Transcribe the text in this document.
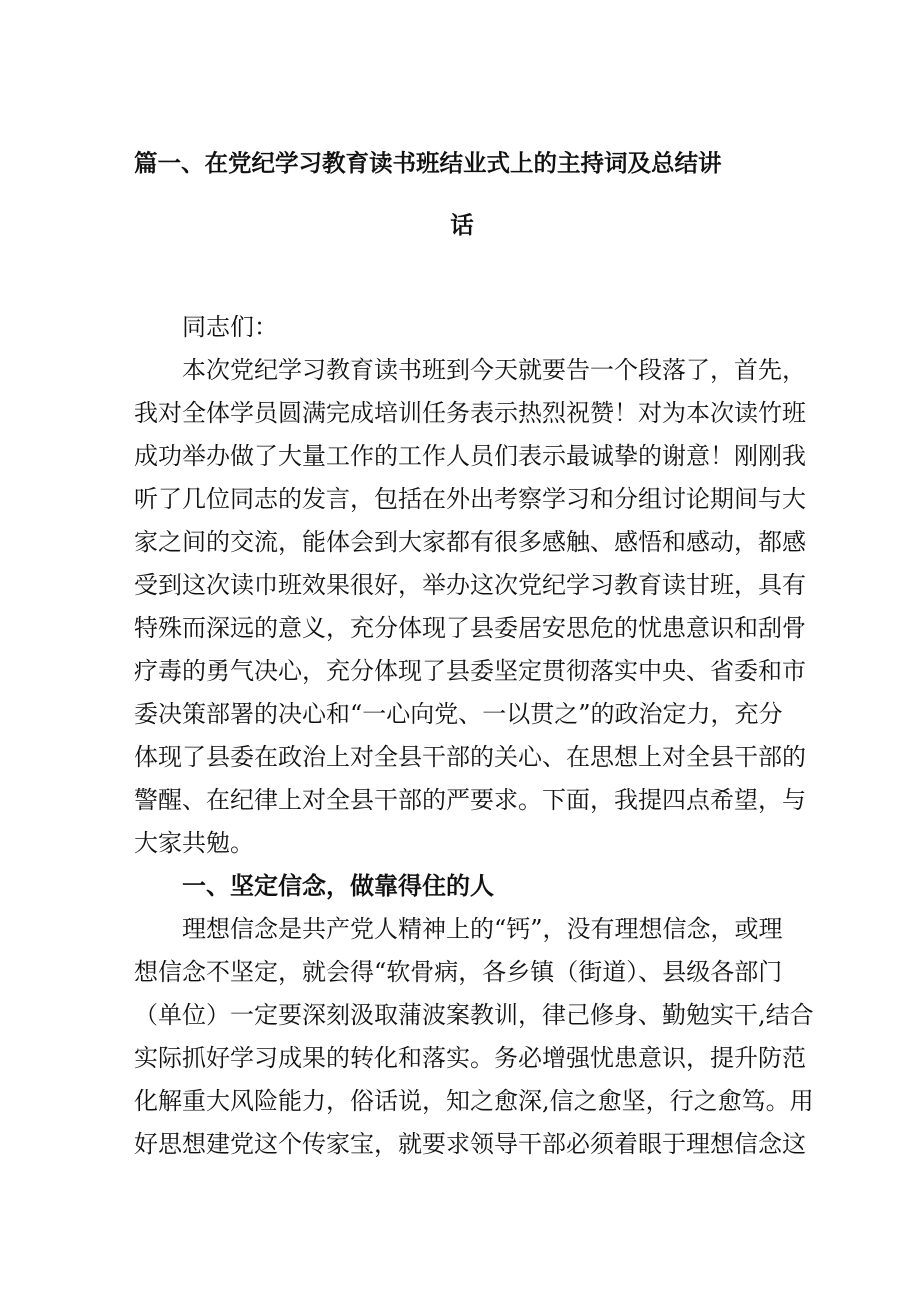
篇一、在党纪学习教育读书班结业式上的主持词及总结讲
话
同志们：
本次党纪学习教育读书班到今天就要告一个段落了，首先，
我对全体学员圆满完成培训任务表示热烈祝赞！对为本次读竹班
成功举办做了大量工作的工作人员们表示最诚挚的谢意！刚刚我
听了几位同志的发言，包括在外出考察学习和分组讨论期间与大
家之间的交流，能体会到大家都有很多感触、感悟和感动，都感
受到这次读巾班效果很好，举办这次党纪学习教育读甘班，具有
特殊而深远的意义，充分体现了县委居安思危的忧患意识和刮骨
疗毒的勇气决心，充分体现了县委坚定贯彻落实中央、省委和市
委决策部署的决心和“一心向党、一以贯之”的政治定力，充分
体现了县委在政治上对全县干部的关心、在思想上对全县干部的
警醒、在纪律上对全县干部的严要求。下面，我提四点希望，与
大家共勉。
一、坚定信念，做靠得住的人
理想信念是共产党人精神上的“钙”，没有理想信念，或理
想信念不坚定，就会得“软骨病，各乡镇（街道）、县级各部门
（单位）一定要深刻汲取蒲波案教训，律己修身、勤勉实干,结合
实际抓好学习成果的转化和落实。务必增强忧患意识，提升防范
化解重大风险能力，俗话说，知之愈深,信之愈坚，行之愈笃。用
好思想建党这个传家宝，就要求领导干部必须着眼于理想信念这
